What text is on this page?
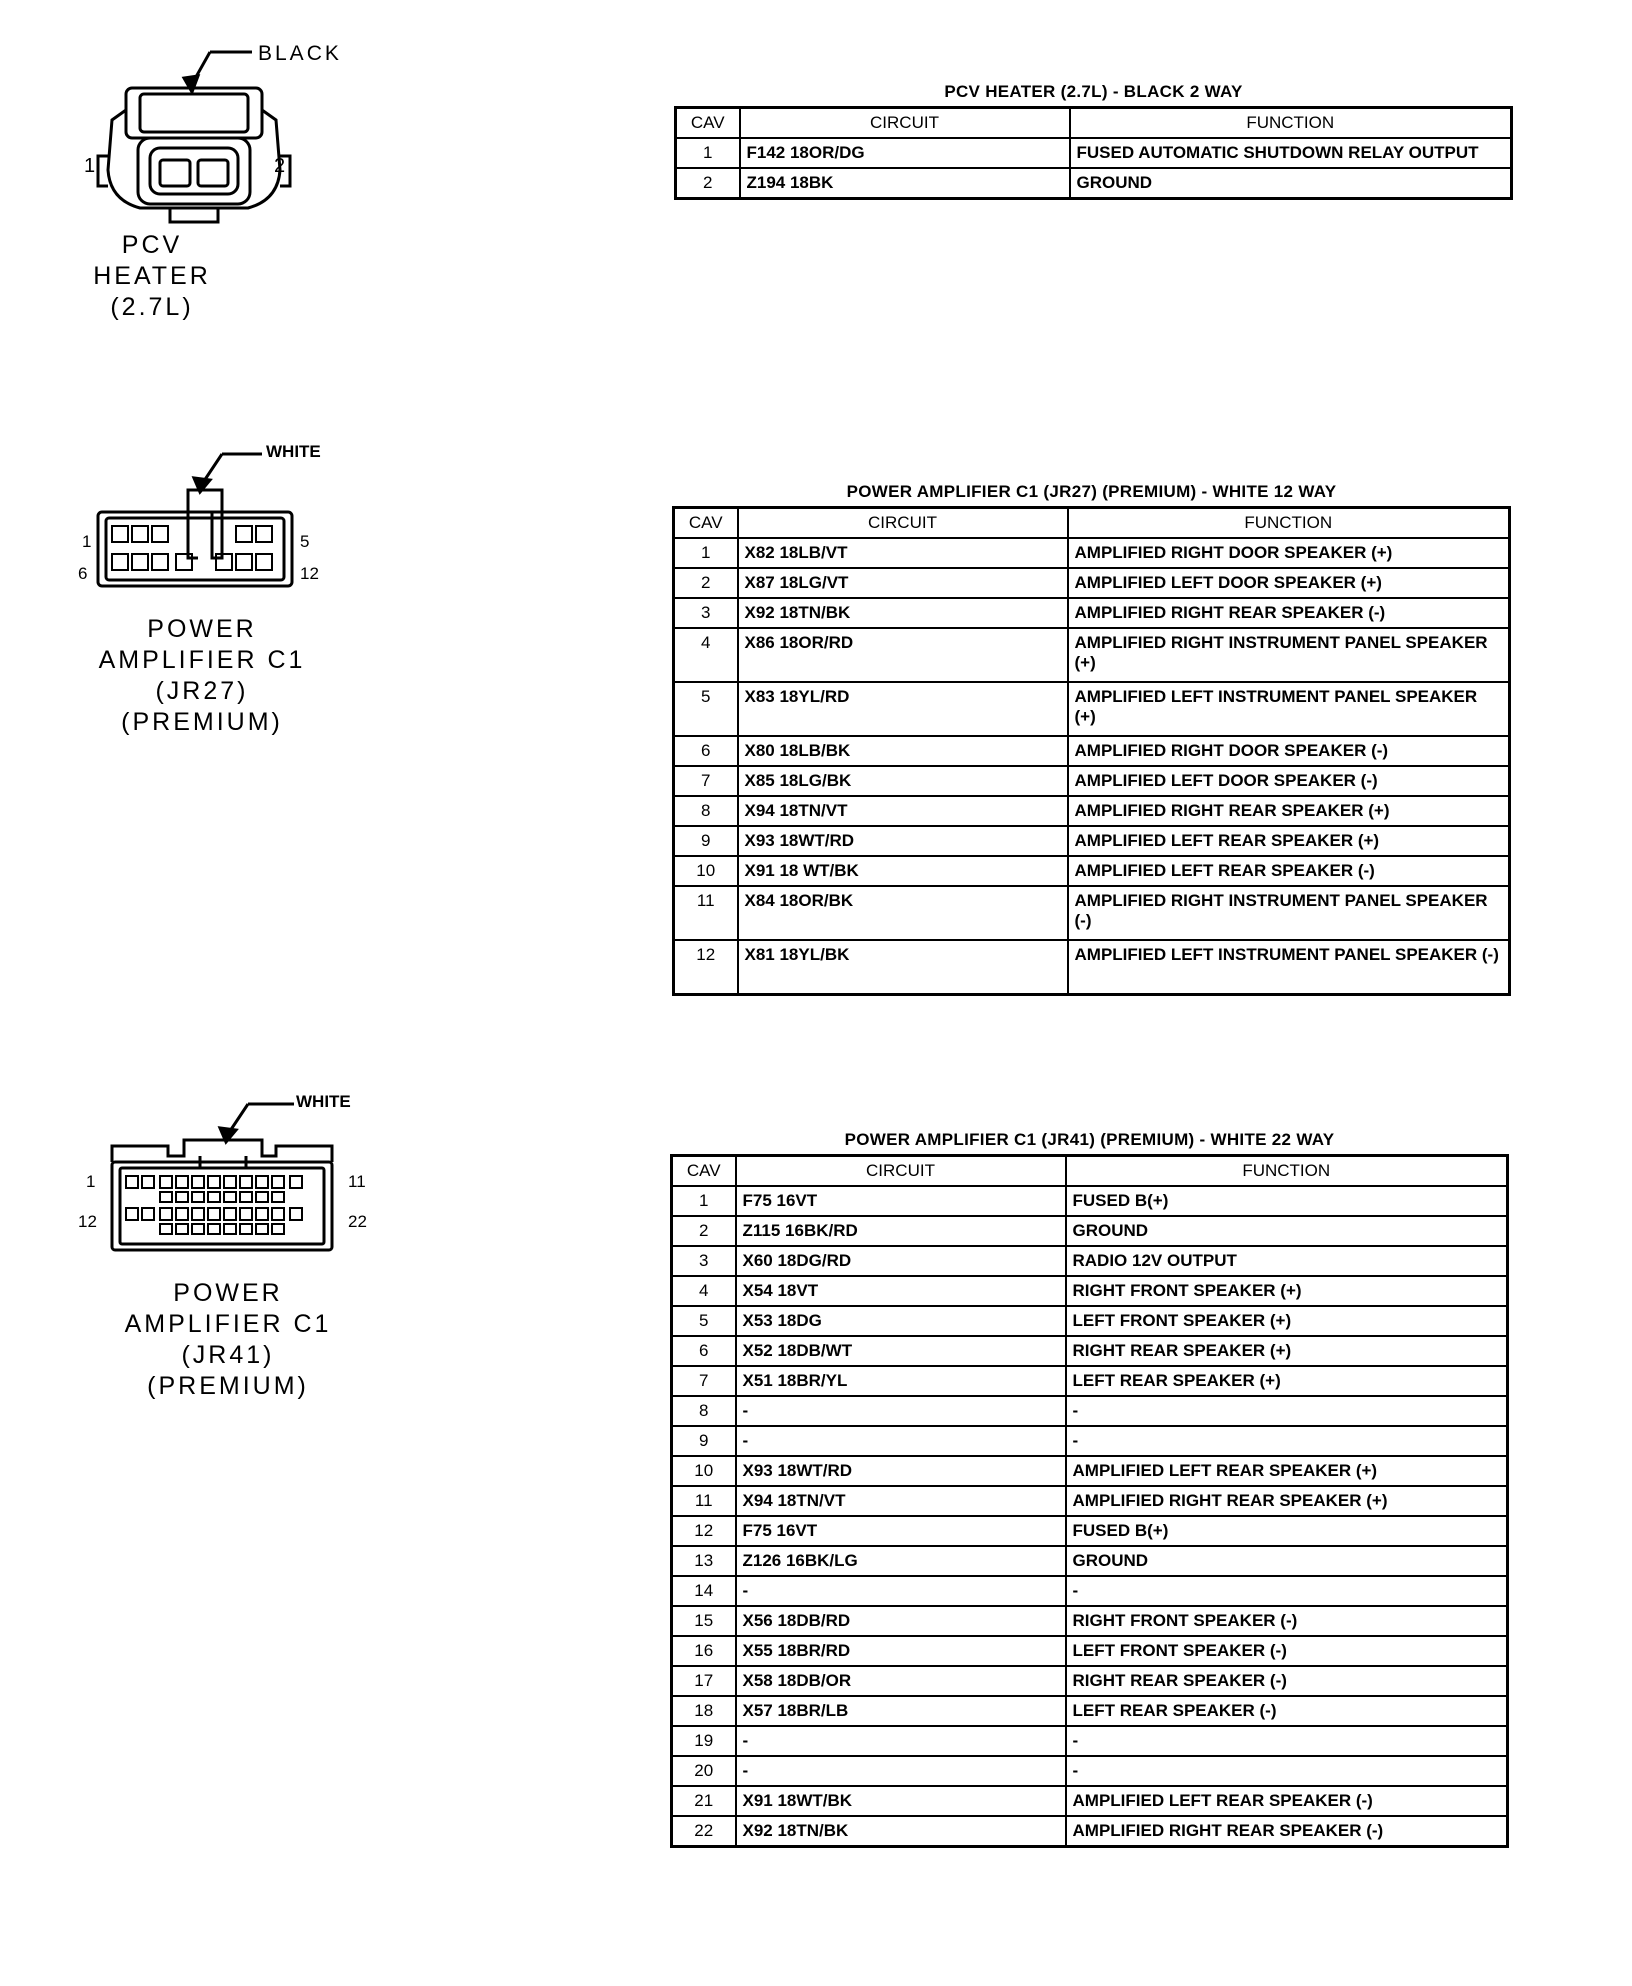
BLACK
1	2
PCV
HEATER
(2.7L)
WHITE
1	5
6	12
POWER
AMPLIFIER C1
(JR27)
(PREMIUM)
WHITE
1	11
12	22
POWER
AMPLIFIER C1
(JR41)
(PREMIUM)
PCV HEATER (2.7L) - BLACK 2 WAY
CAV	CIRCUIT	FUNCTION
1	F142 18OR/DG	FUSED AUTOMATIC SHUTDOWN RELAY OUTPUT
2	Z194 18BK	GROUND
POWER AMPLIFIER C1 (JR27) (PREMIUM) - WHITE 12 WAY
CAV	CIRCUIT	FUNCTION
1	X82 18LB/VT	AMPLIFIED RIGHT DOOR SPEAKER (+)
2	X87 18LG/VT	AMPLIFIED LEFT DOOR SPEAKER (+)
3	X92 18TN/BK	AMPLIFIED RIGHT REAR SPEAKER (-)
4	X86 18OR/RD	AMPLIFIED RIGHT INSTRUMENT PANEL SPEAKER (+)
5	X83 18YL/RD	AMPLIFIED LEFT INSTRUMENT PANEL SPEAKER (+)
6	X80 18LB/BK	AMPLIFIED RIGHT DOOR SPEAKER (-)
7	X85 18LG/BK	AMPLIFIED LEFT DOOR SPEAKER (-)
8	X94 18TN/VT	AMPLIFIED RIGHT REAR SPEAKER (+)
9	X93 18WT/RD	AMPLIFIED LEFT REAR SPEAKER (+)
10	X91 18 WT/BK	AMPLIFIED LEFT REAR SPEAKER (-)
11	X84 18OR/BK	AMPLIFIED RIGHT INSTRUMENT PANEL SPEAKER (-)
12	X81 18YL/BK	AMPLIFIED LEFT INSTRUMENT PANEL SPEAKER (-)
POWER AMPLIFIER C1 (JR41) (PREMIUM) - WHITE 22 WAY
CAV	CIRCUIT	FUNCTION
1	F75 16VT	FUSED B(+)
2	Z115 16BK/RD	GROUND
3	X60 18DG/RD	RADIO 12V OUTPUT
4	X54 18VT	RIGHT FRONT SPEAKER (+)
5	X53 18DG	LEFT FRONT SPEAKER (+)
6	X52 18DB/WT	RIGHT REAR SPEAKER (+)
7	X51 18BR/YL	LEFT REAR SPEAKER (+)
8	-	-
9	-	-
10	X93 18WT/RD	AMPLIFIED LEFT REAR SPEAKER (+)
11	X94 18TN/VT	AMPLIFIED RIGHT REAR SPEAKER (+)
12	F75 16VT	FUSED B(+)
13	Z126 16BK/LG	GROUND
14	-	-
15	X56 18DB/RD	RIGHT FRONT SPEAKER (-)
16	X55 18BR/RD	LEFT FRONT SPEAKER (-)
17	X58 18DB/OR	RIGHT REAR SPEAKER (-)
18	X57 18BR/LB	LEFT REAR SPEAKER (-)
19	-	-
20	-	-
21	X91 18WT/BK	AMPLIFIED LEFT REAR SPEAKER (-)
22	X92 18TN/BK	AMPLIFIED RIGHT REAR SPEAKER (-)
